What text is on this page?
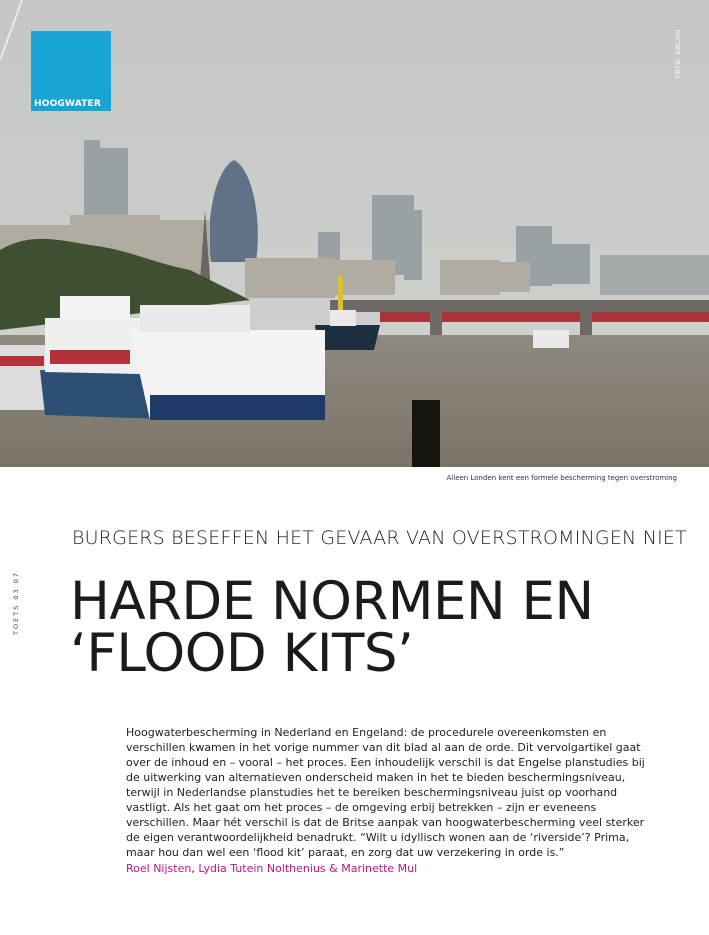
HOOGWATER
FOTO: SXC.HU
Alleen Londen kent een formele bescherming tegen overstroming
TOETS 03 07
BURGERS BESEFFEN HET GEVAAR VAN OVERSTROMINGEN NIET
HARDE NORMEN EN
‘FLOOD KITS’

Hoogwaterbescherming in Nederland en Engeland: de procedurele overeenkomsten en verschillen kwamen in het vorige nummer van dit blad al aan de orde. Dit vervolgartikel gaat over de inhoud en – vooral – het proces. Een inhoudelijk verschil is dat Engelse planstudies bij de uitwerking van alternatieven onderscheid maken in het te bieden beschermingsniveau, terwijl in Nederlandse planstudies het te bereiken beschermingsniveau juist op voorhand vastligt. Als het gaat om het proces – de omgeving erbij betrekken – zijn er eveneens verschillen. Maar hét verschil is dat de Britse aanpak van hoogwaterbescherming veel sterker de eigen verantwoordelijkheid benadrukt. “Wilt u idyllisch wonen aan de ‘riverside’? Prima, maar hou dan wel een ‘flood kit’ paraat, en zorg dat uw verzekering in orde is.”

Roel Nijsten, Lydia Tutein Nolthenius & Marinette Mul
